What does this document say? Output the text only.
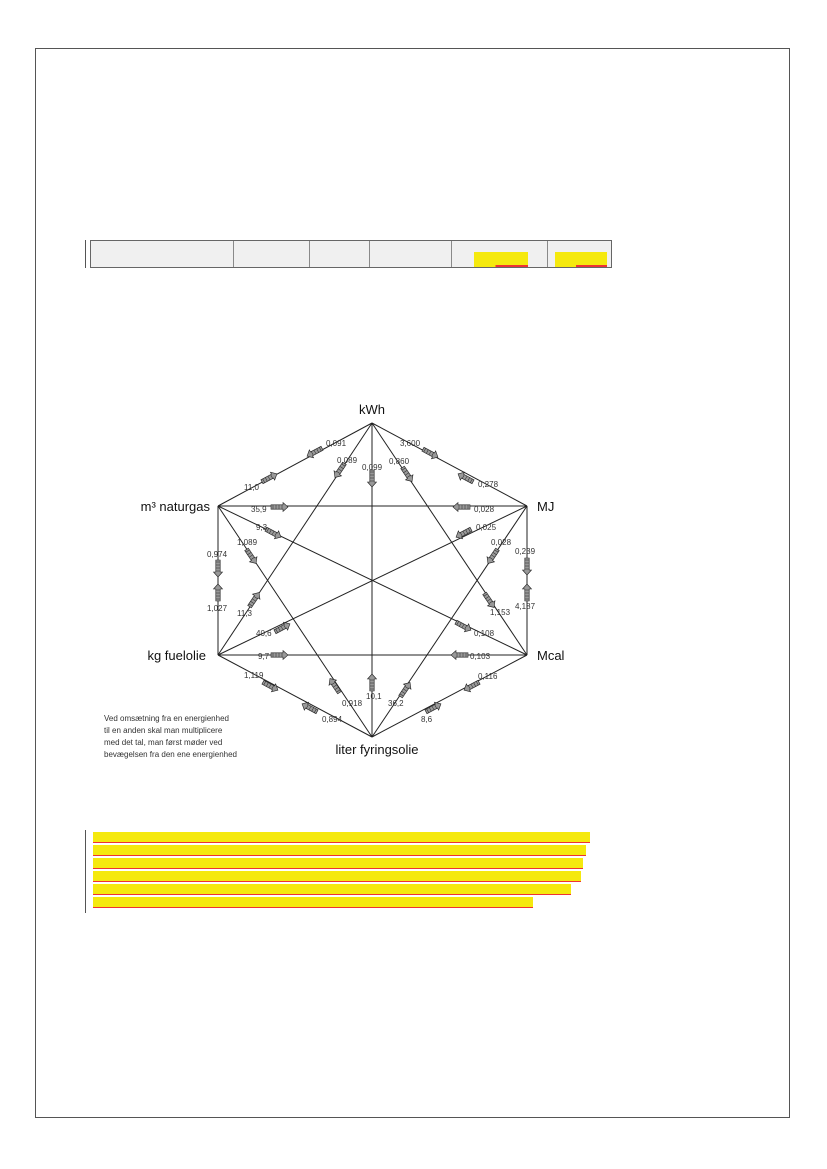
kWh
MJ
Mcal
liter fyringsolie
kg fuelolie
m³ naturgas
3,600
0,278
0,860
0,089
0,099
0,091
11,0
35,9	0,028
9,3	0,025
0,239
4,187
0,028
40,6
0,974
1,027
1,089
10,1
9,7	0,103
0,108
1,153
11,3
1,119
0,894
0,918	36,2
8,6
0,116
Ved omsætning fra en energienhed
til en anden skal man multiplicere
med det tal, man først møder ved
bevægelsen fra den ene energienhed
